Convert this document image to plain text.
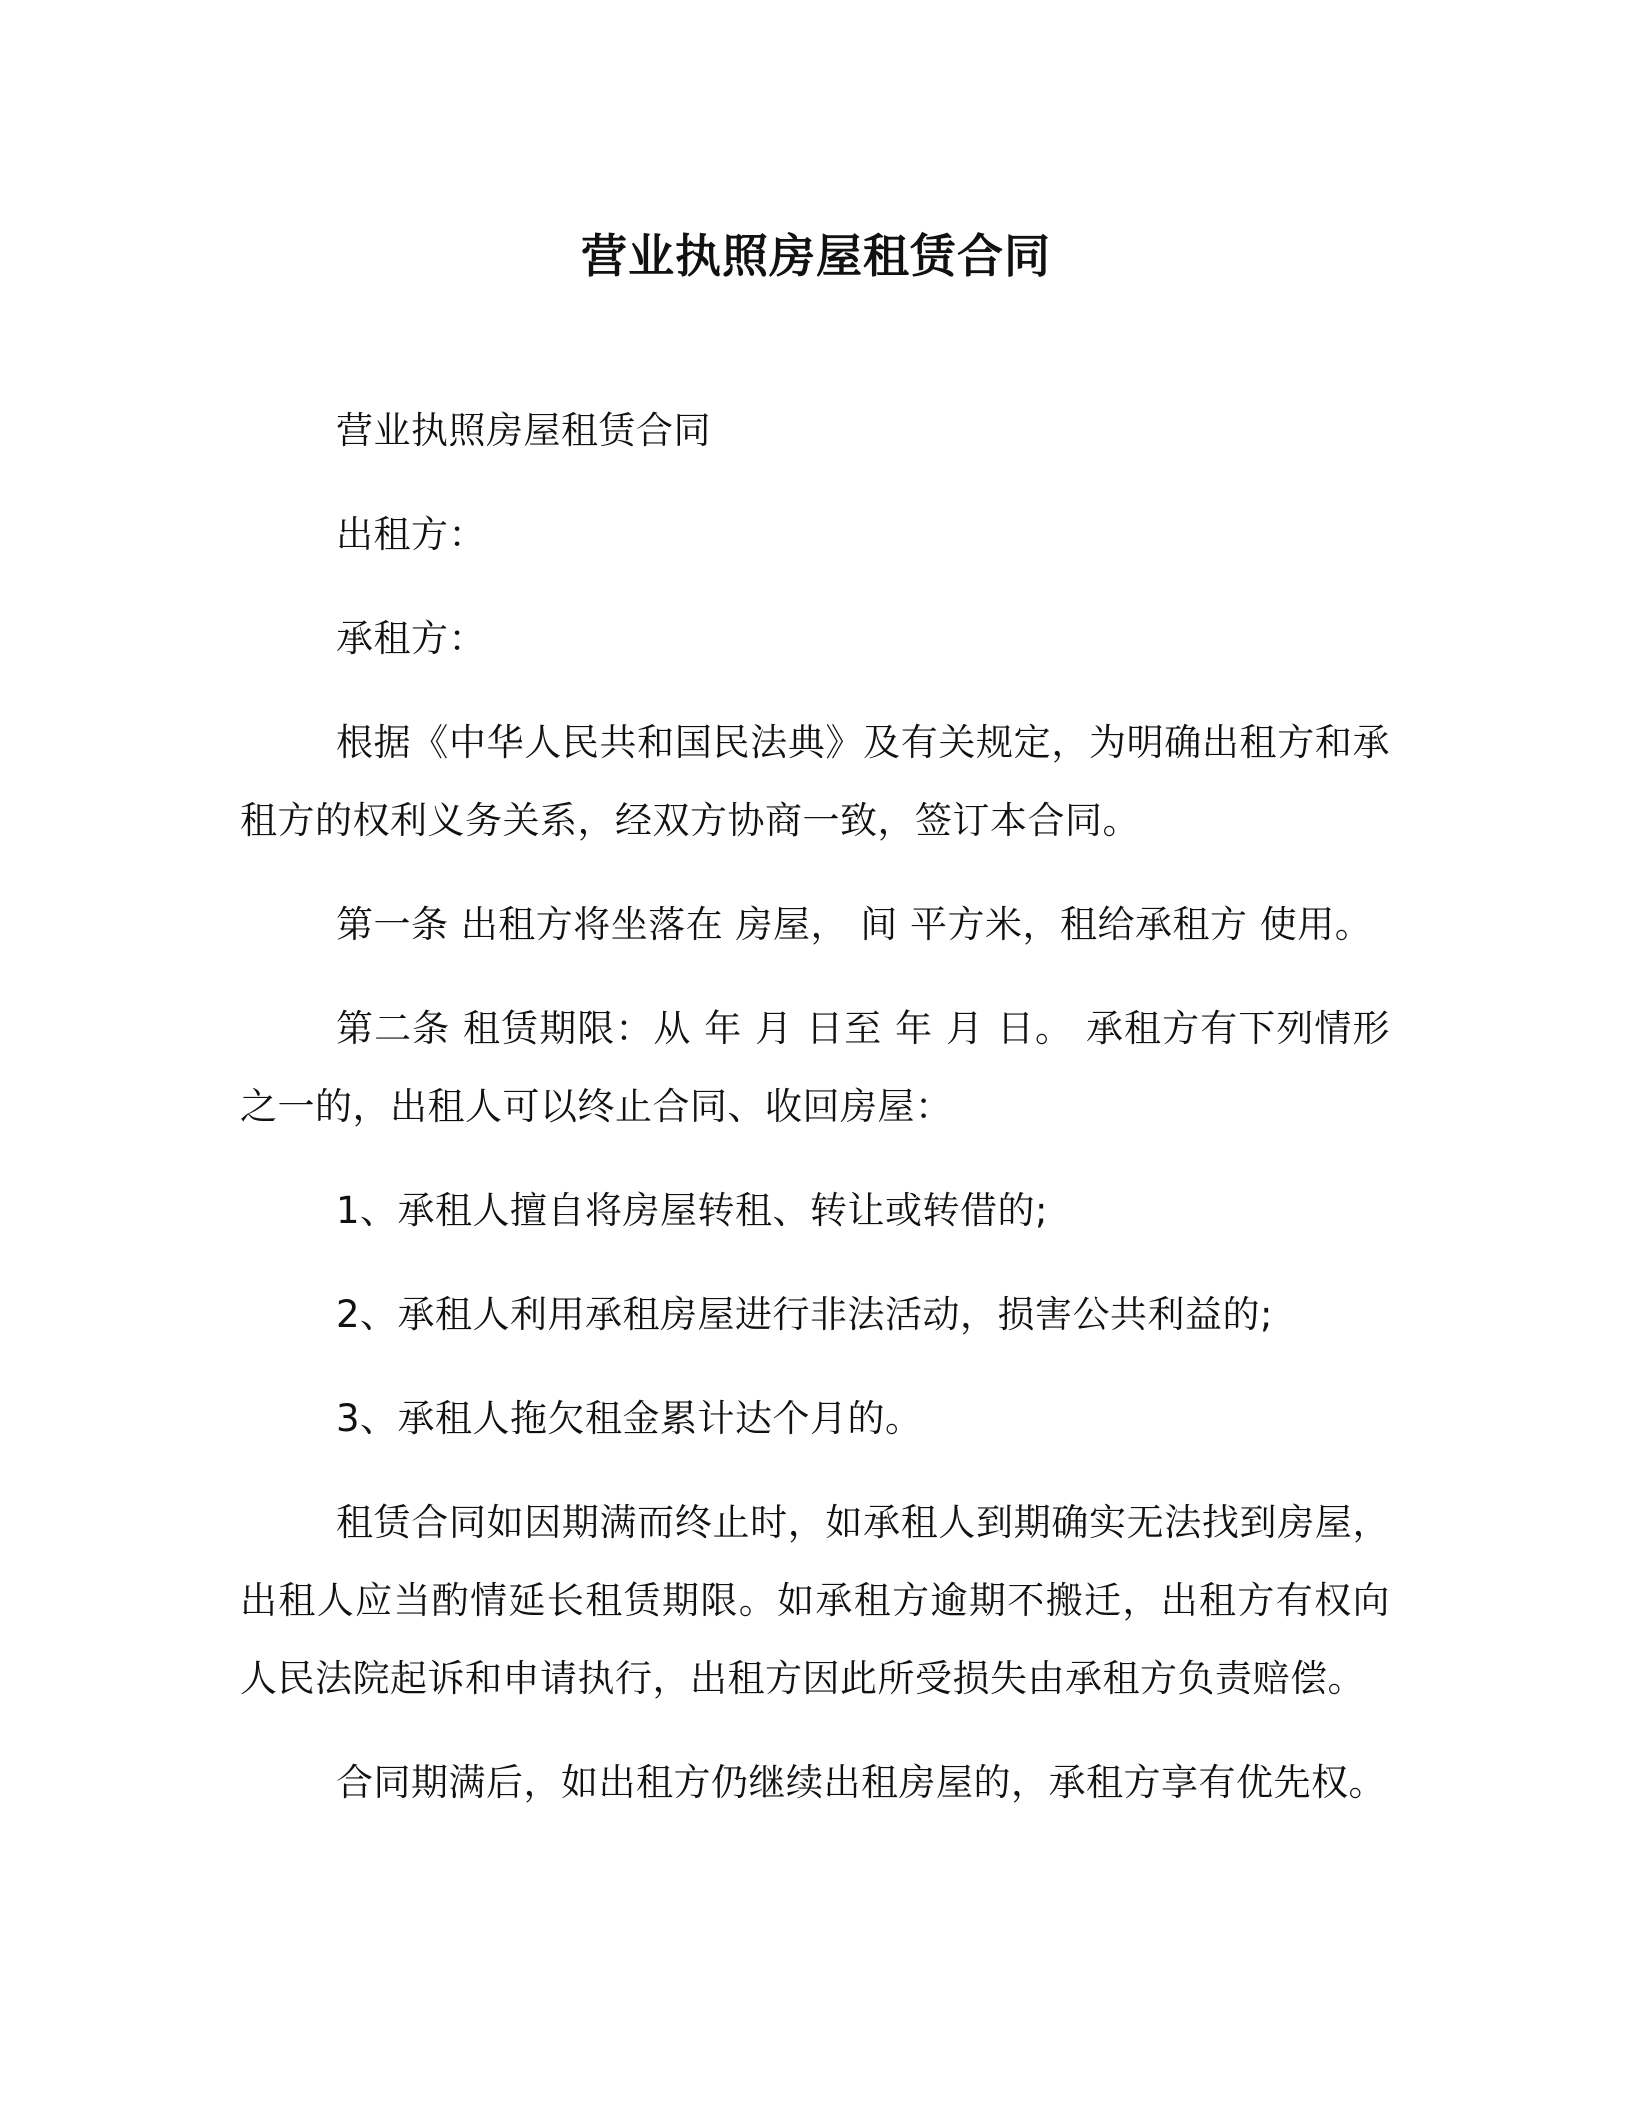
营业执照房屋租赁合同

营业执照房屋租赁合同

出租方：

承租方：

根据《中华人民共和国民法典》及有关规定，为明确出租方和承租方的权利义务关系，经双方协商一致，签订本合同。

第一条 出租方将坐落在 房屋， 间 平方米，租给承租方 使用。

第二条 租赁期限：从 年 月 日至 年 月 日。 承租方有下列情形之一的，出租人可以终止合同、收回房屋：

1、承租人擅自将房屋转租、转让或转借的;

2、承租人利用承租房屋进行非法活动，损害公共利益的;

3、承租人拖欠租金累计达个月的。

租赁合同如因期满而终止时，如承租人到期确实无法找到房屋，出租人应当酌情延长租赁期限。如承租方逾期不搬迁，出租方有权向人民法院起诉和申请执行，出租方因此所受损失由承租方负责赔偿。

合同期满后，如出租方仍继续出租房屋的，承租方享有优先权。
